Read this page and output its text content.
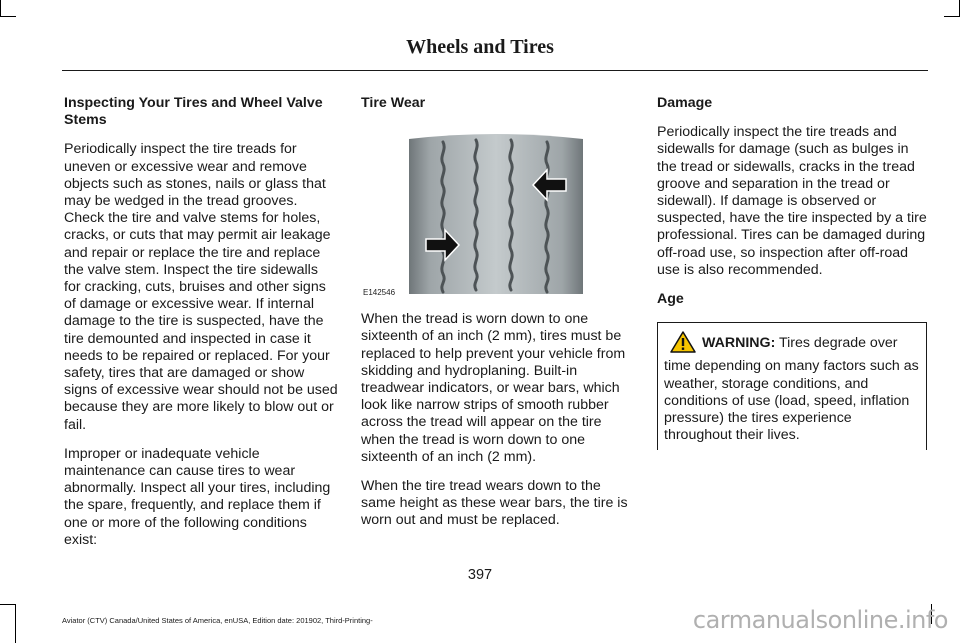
Wheels and Tires
Inspecting Your Tires and Wheel Valve Stems

Periodically inspect the tire treads for uneven or excessive wear and remove objects such as stones, nails or glass that may be wedged in the tread grooves. Check the tire and valve stems for holes, cracks, or cuts that may permit air leakage and repair or replace the tire and replace the valve stem. Inspect the tire sidewalls for cracking, cuts, bruises and other signs of damage or excessive wear. If internal damage to the tire is suspected, have the tire demounted and inspected in case it needs to be repaired or replaced. For your safety, tires that are damaged or show signs of excessive wear should not be used because they are more likely to blow out or fail.

Improper or inadequate vehicle maintenance can cause tires to wear abnormally. Inspect all your tires, including the spare, frequently, and replace them if one or more of the following conditions exist:

Tire Wear
E142546

When the tread is worn down to one sixteenth of an inch (2 mm), tires must be replaced to help prevent your vehicle from skidding and hydroplaning. Built-in treadwear indicators, or wear bars, which look like narrow strips of smooth rubber across the tread will appear on the tire when the tread is worn down to one sixteenth of an inch (2 mm).

When the tire tread wears down to the same height as these wear bars, the tire is worn out and must be replaced.

Damage

Periodically inspect the tire treads and sidewalls for damage (such as bulges in the tread or sidewalls, cracks in the tread groove and separation in the tread or sidewall). If damage is observed or suspected, have the tire inspected by a tire professional. Tires can be damaged during off-road use, so inspection after off-road use is also recommended.

Age

WARNING: Tires degrade over time depending on many factors such as weather, storage conditions, and conditions of use (load, speed, inflation pressure) the tires experience throughout their lives.

397
Aviator (CTV) Canada/United States of America, enUSA, Edition date: 201902, Third-Printing-	carmanualsonline.info
